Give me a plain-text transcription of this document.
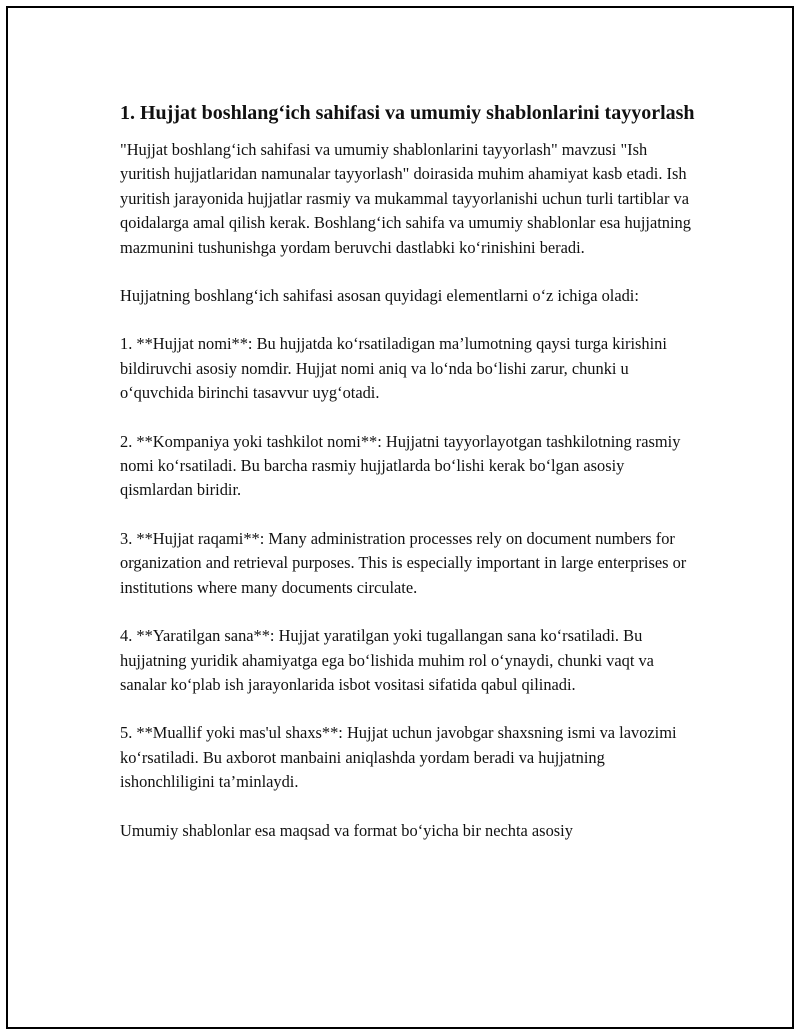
1. Hujjat boshlang‘ich sahifasi va umumiy shablonlarini tayyorlash

"Hujjat boshlang‘ich sahifasi va umumiy shablonlarini tayyorlash" mavzusi "Ish yuritish hujjatlaridan namunalar tayyorlash" doirasida muhim ahamiyat kasb etadi. Ish yuritish jarayonida hujjatlar rasmiy va mukammal tayyorlanishi uchun turli tartiblar va qoidalarga amal qilish kerak. Boshlang‘ich sahifa va umumiy shablonlar esa hujjatning mazmunini tushunishga yordam beruvchi dastlabki ko‘rinishini beradi.

Hujjatning boshlang‘ich sahifasi asosan quyidagi elementlarni o‘z ichiga oladi:

1. **Hujjat nomi**: Bu hujjatda ko‘rsatiladigan ma’lumotning qaysi turga kirishini bildiruvchi asosiy nomdir. Hujjat nomi aniq va lo‘nda bo‘lishi zarur, chunki u o‘quvchida birinchi tasavvur uyg‘otadi.

2. **Kompaniya yoki tashkilot nomi**: Hujjatni tayyorlayotgan tashkilotning rasmiy nomi ko‘rsatiladi. Bu barcha rasmiy hujjatlarda bo‘lishi kerak bo‘lgan asosiy qismlardan biridir.

3. **Hujjat raqami**: Many administration processes rely on document numbers for organization and retrieval purposes. This is especially important in large enterprises or institutions where many documents circulate.

4. **Yaratilgan sana**: Hujjat yaratilgan yoki tugallangan sana ko‘rsatiladi. Bu hujjatning yuridik ahamiyatga ega bo‘lishida muhim rol o‘ynaydi, chunki vaqt va sanalar ko‘plab ish jarayonlarida isbot vositasi sifatida qabul qilinadi.

5. **Muallif yoki mas'ul shaxs**: Hujjat uchun javobgar shaxsning ismi va lavozimi ko‘rsatiladi. Bu axborot manbaini aniqlashda yordam beradi va hujjatning ishonchliligini ta’minlaydi.

Umumiy shablonlar esa maqsad va format bo‘yicha bir nechta asosiy
